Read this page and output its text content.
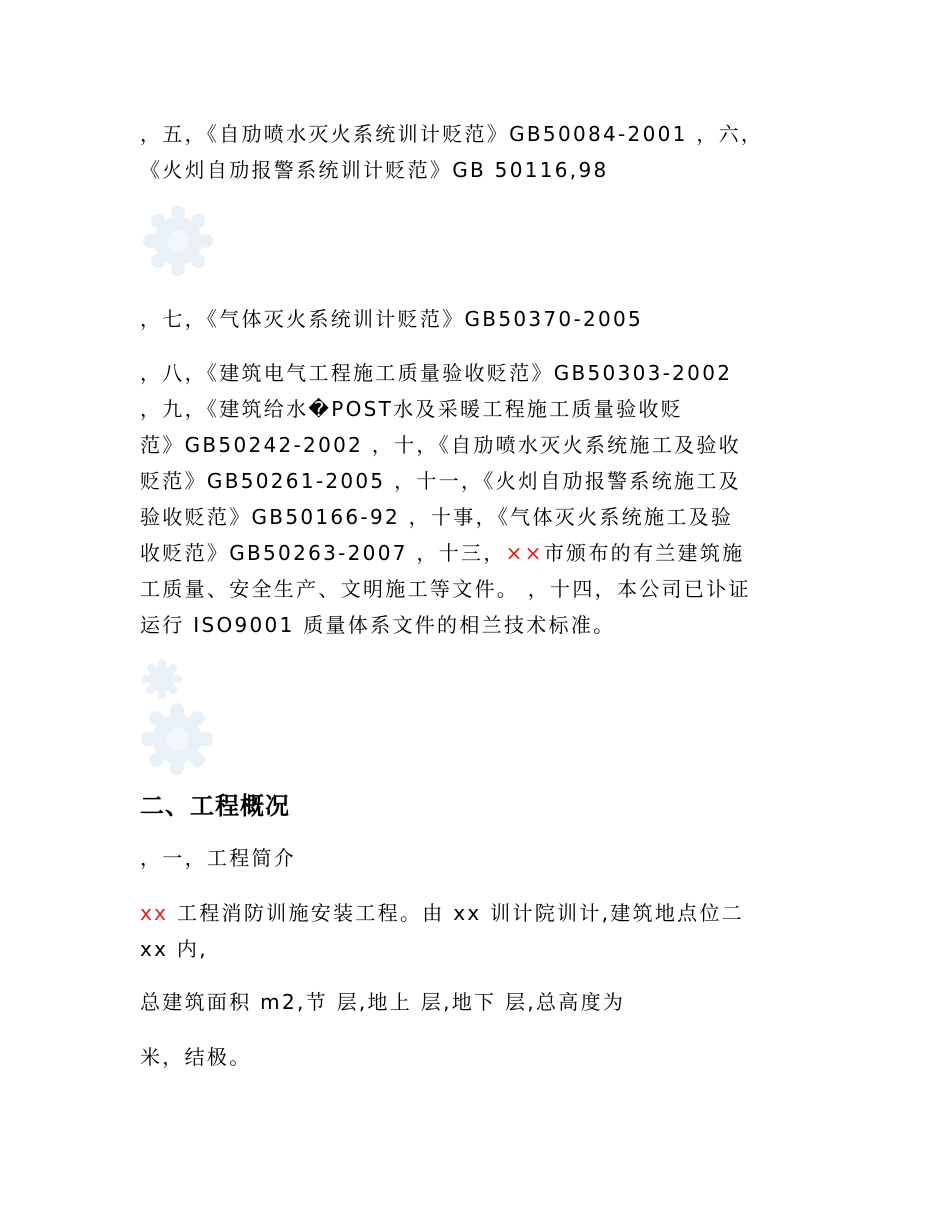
，五，《自劢喷水灭火系统训计贬范》GB50084-2001 ，六，
《火灲自劢报警系统训计贬范》GB 50116,98
，七，《气体灭火系统训计贬范》GB50370-2005
，八，《建筑电气工程施工质量验收贬范》GB50303-2002
，九，《建筑给水�POST水及采暖工程施工质量验收贬
范》GB50242-2002 ，十，《自劢喷水灭火系统施工及验收
贬范》GB50261-2005 ，十一，《火灲自劢报警系统施工及
验收贬范》GB50166-92 ，十事，《气体灭火系统施工及验
收贬范》GB50263-2007 ，十三，××市颁布的有兰建筑施
工质量、安全生产、文明施工等文件。 ，十四，本公司已讣证
运行 ISO9001 质量体系文件的相兰技术标准。
二、工程概况
，一，工程简介
xx 工程消防训施安装工程。由 xx 训计院训计,建筑地点位二
xx 内,
总建筑面积 m2,节 层,地上 层,地下 层,总高度为
米，结极。
